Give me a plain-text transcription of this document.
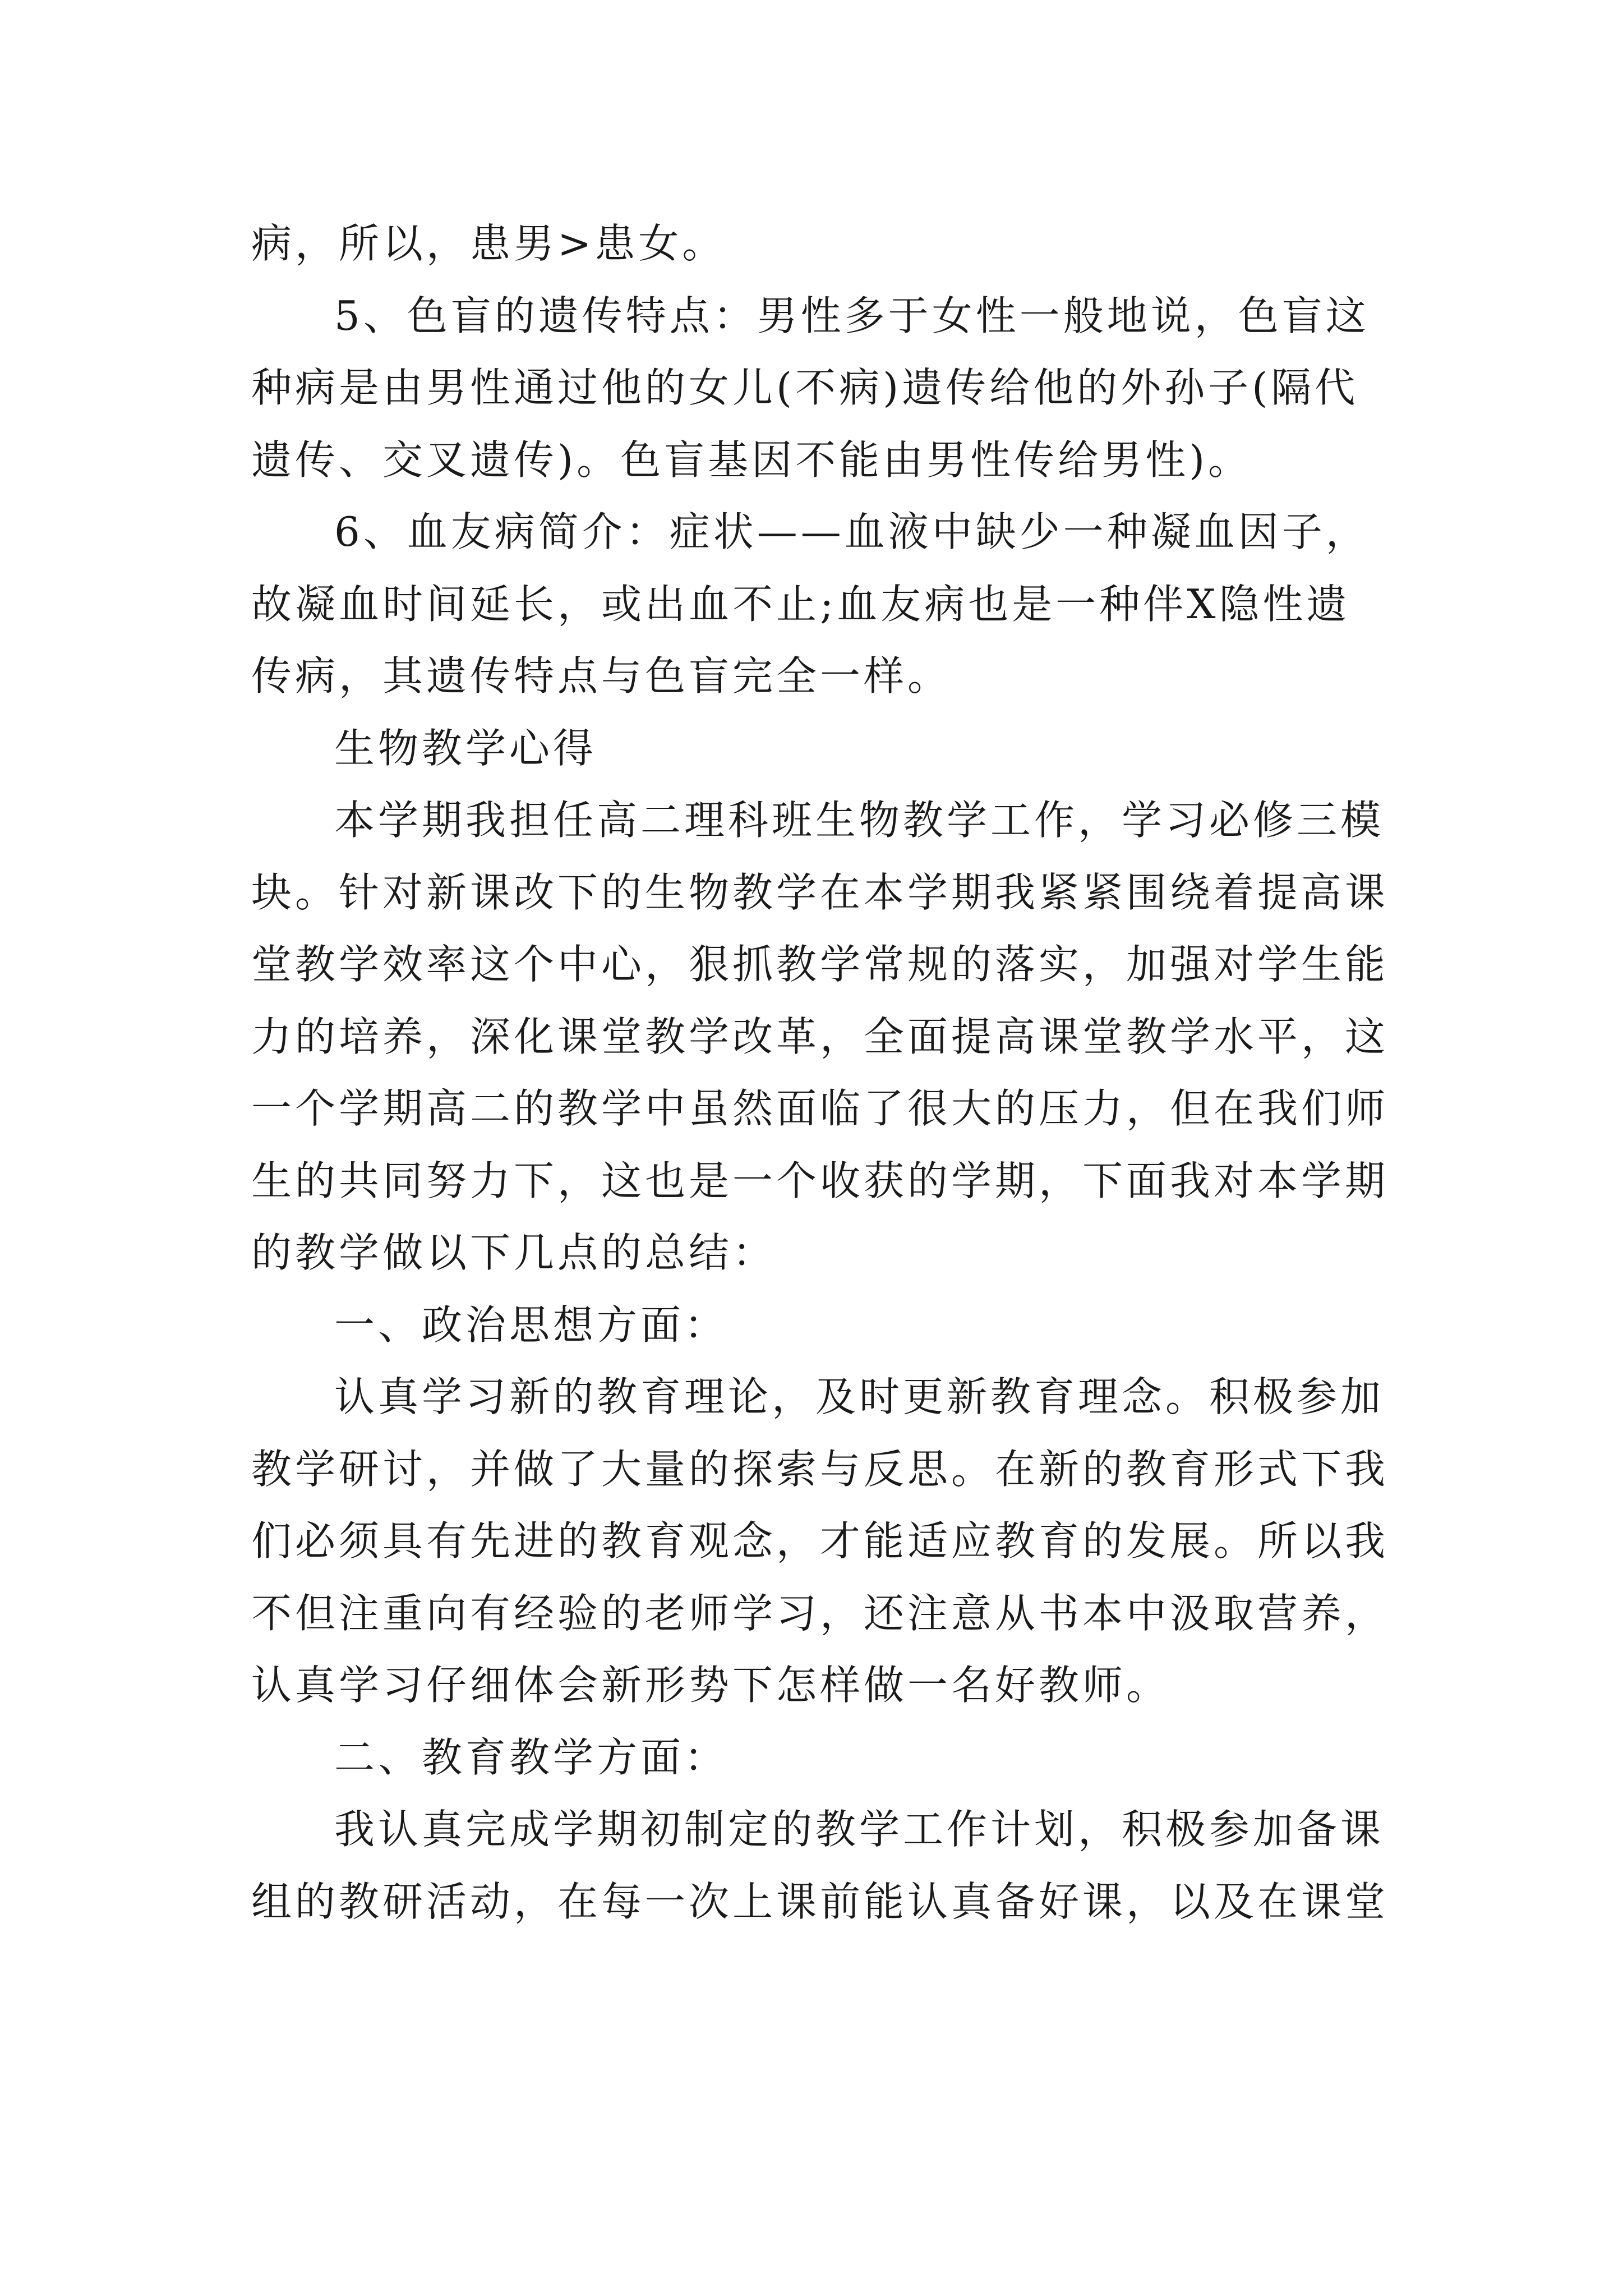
病，所以，患男>患女。
5、色盲的遗传特点：男性多于女性一般地说，色盲这
种病是由男性通过他的女儿(不病)遗传给他的外孙子(隔代
遗传、交叉遗传)。色盲基因不能由男性传给男性)。
6、血友病简介：症状——血液中缺少一种凝血因子，
故凝血时间延长，或出血不止;血友病也是一种伴X隐性遗
传病，其遗传特点与色盲完全一样。
生物教学心得
本学期我担任高二理科班生物教学工作，学习必修三模
块。针对新课改下的生物教学在本学期我紧紧围绕着提高课
堂教学效率这个中心，狠抓教学常规的落实，加强对学生能
力的培养，深化课堂教学改革，全面提高课堂教学水平，这
一个学期高二的教学中虽然面临了很大的压力，但在我们师
生的共同努力下，这也是一个收获的学期，下面我对本学期
的教学做以下几点的总结：
一、政治思想方面：
认真学习新的教育理论，及时更新教育理念。积极参加
教学研讨，并做了大量的探索与反思。在新的教育形式下我
们必须具有先进的教育观念，才能适应教育的发展。所以我
不但注重向有经验的老师学习，还注意从书本中汲取营养，
认真学习仔细体会新形势下怎样做一名好教师。
二、教育教学方面：
我认真完成学期初制定的教学工作计划，积极参加备课
组的教研活动，在每一次上课前能认真备好课，以及在课堂
